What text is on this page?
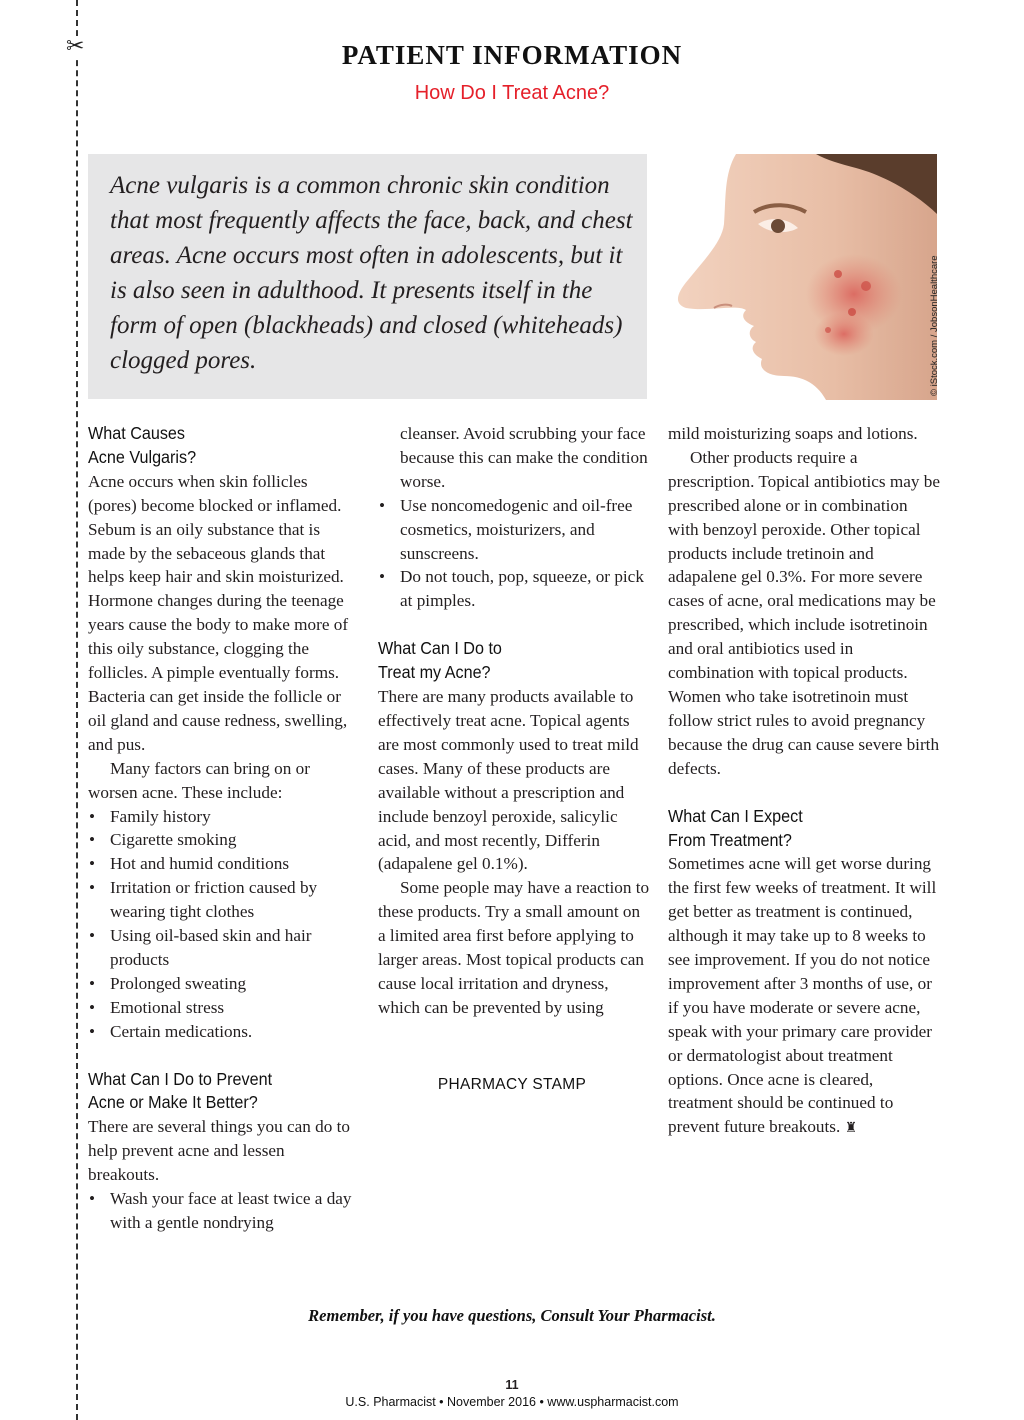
✂	PATIENT INFORMATION
How Do I Treat Acne?
Acne vulgaris is a common chronic skin condition that most frequently affects the face, back, and chest areas. Acne occurs most often in adolescents, but it is also seen in adulthood. It presents itself in the form of open (blackheads) and closed (whiteheads) clogged pores.	© iStock.com / JobsonHealthcare
What Causes
Acne Vulgaris?

Acne occurs when skin follicles (pores) become blocked or inflamed. Sebum is an oily substance that is made by the sebaceous glands that helps keep hair and skin moisturized. Hormone changes during the teenage years cause the body to make more of this oily substance, clogging the follicles. A pimple eventually forms. Bacteria can get inside the follicle or oil gland and cause redness, swelling, and pus.

Many factors can bring on or worsen acne. These include:

• Family history
• Cigarette smoking
• Hot and humid conditions
• Irritation or friction caused by wearing tight clothes
• Using oil-based skin and hair products
• Prolonged sweating
• Emotional stress
• Certain medications.
What Can I Do to Prevent
Acne or Make It Better?

There are several things you can do to help prevent acne and lessen breakouts.

• Wash your face at least twice a day with a gentle nondrying

cleanser. Avoid scrubbing your face because this can make the condition worse.

• Use noncomedogenic and oil-free cosmetics, moisturizers, and sunscreens.
• Do not touch, pop, squeeze, or pick at pimples.
What Can I Do to
Treat my Acne?

There are many products available to effectively treat acne. Topical agents are most commonly used to treat mild cases. Many of these products are available without a prescription and include benzoyl peroxide, salicylic acid, and most recently, Differin (adapalene gel 0.1%).

Some people may have a reaction to these products. Try a small amount on a limited area first before applying to larger areas. Most topical products can cause local irritation and dryness, which can be prevented by using

PHARMACY STAMP

mild moisturizing soaps and lotions.

Other products require a prescription. Topical antibiotics may be prescribed alone or in combination with benzoyl peroxide. Other topical products include tretinoin and adapalene gel 0.3%. For more severe cases of acne, oral medications may be prescribed, which include isotretinoin and oral antibiotics used in combination with topical products. Women who take isotretinoin must follow strict rules to avoid pregnancy because the drug can cause severe birth defects.

What Can I Expect
From Treatment?

Sometimes acne will get worse during the first few weeks of treatment. It will get better as treatment is continued, although it may take up to 8 weeks to see improvement. If you do not notice improvement after 3 months of use, or if you have moderate or severe acne, speak with your primary care provider or dermatologist about treatment options. Once acne is cleared, treatment should be continued to prevent future breakouts. ♜

Remember, if you have questions, Consult Your Pharmacist.
11
U.S. Pharmacist • November 2016 • www.uspharmacist.com
